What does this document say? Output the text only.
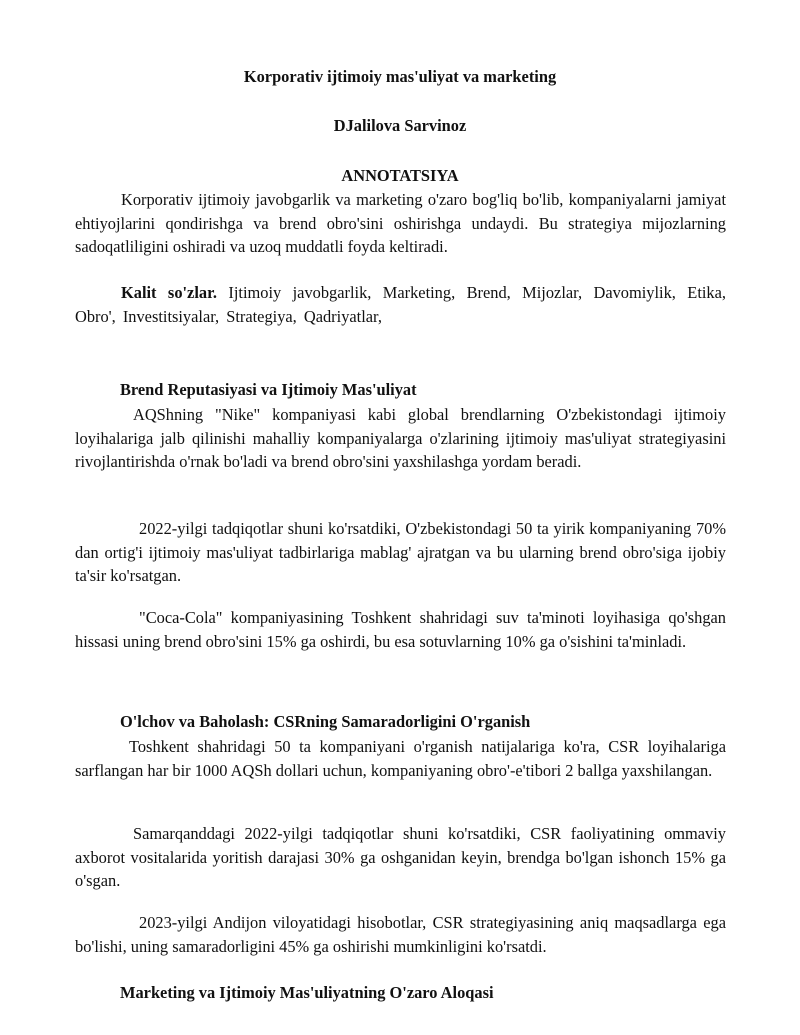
Korporativ ijtimoiy mas'uliyat va marketing
DJalilova Sarvinoz
ANNOTATSIYA

Korporativ ijtimoiy javobgarlik va marketing o'zaro bog'liq bo'lib, kompaniyalarni jamiyat ehtiyojlarini qondirishga va brend obro'sini oshirishga undaydi. Bu strategiya mijozlarning sadoqatliligini oshiradi va uzoq muddatli foyda keltiradi.

Kalit so'zlar. Ijtimoiy javobgarlik, Marketing, Brend, Mijozlar, Davomiylik, Etika, Obro', Investitsiyalar, Strategiya, Qadriyatlar,

Brend Reputasiyasi va Ijtimoiy Mas'uliyat

AQShning "Nike" kompaniyasi kabi global brendlarning O'zbekistondagi ijtimoiy loyihalariga jalb qilinishi mahalliy kompaniyalarga o'zlarining ijtimoiy mas'uliyat strategiyasini rivojlantirishda o'rnak bo'ladi va brend obro'sini yaxshilashga yordam beradi.

2022-yilgi tadqiqotlar shuni ko'rsatdiki, O'zbekistondagi 50 ta yirik kompaniyaning 70% dan ortig'i ijtimoiy mas'uliyat tadbirlariga mablag' ajratgan va bu ularning brend obro'siga ijobiy ta'sir ko'rsatgan.

"Coca-Cola" kompaniyasining Toshkent shahridagi suv ta'minoti loyihasiga qo'shgan hissasi uning brend obro'sini 15% ga oshirdi, bu esa sotuvlarning 10% ga o'sishini ta'minladi.

O'lchov va Baholash: CSRning Samaradorligini O'rganish

Toshkent shahridagi 50 ta kompaniyani o'rganish natijalariga ko'ra, CSR loyihalariga sarflangan har bir 1000 AQSh dollari uchun, kompaniyaning obro'-e'tibori 2 ballga yaxshilangan.

Samarqanddagi 2022-yilgi tadqiqotlar shuni ko'rsatdiki, CSR faoliyatining ommaviy axborot vositalarida yoritish darajasi 30% ga oshganidan keyin, brendga bo'lgan ishonch 15% ga o'sgan.

2023-yilgi Andijon viloyatidagi hisobotlar, CSR strategiyasining aniq maqsadlarga ega bo'lishi, uning samaradorligini 45% ga oshirishi mumkinligini ko'rsatdi.

Marketing va Ijtimoiy Mas'uliyatning O'zaro Aloqasi
